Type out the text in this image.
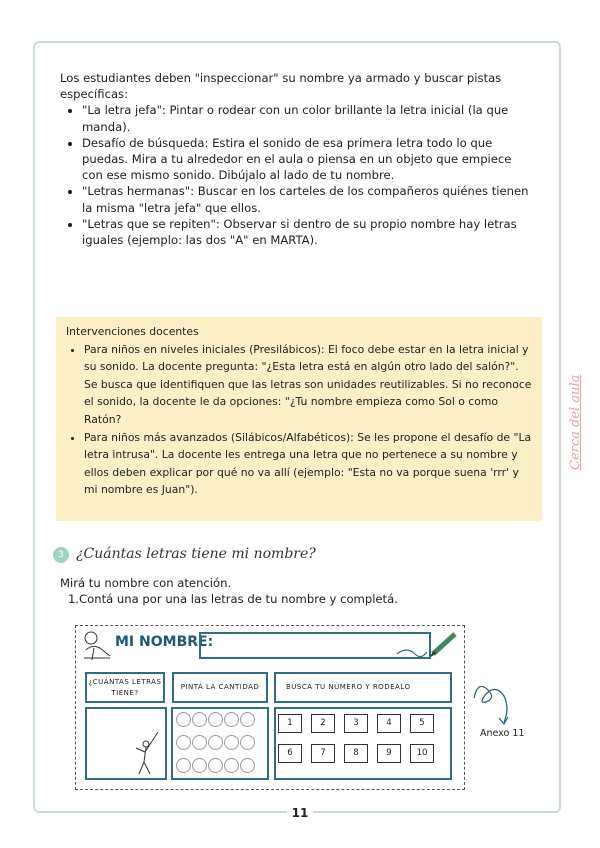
Los estudiantes deben "inspeccionar" su nombre ya armado y buscar pistas específicas:

• "La letra jefa": Pintar o rodear con un color brillante la letra inicial (la que manda).
• Desafío de búsqueda: Estira el sonido de esa primera letra todo lo que puedas. Mira a tu alrededor en el aula o piensa en un objeto que empiece con ese mismo sonido. Dibújalo al lado de tu nombre.
• "Letras hermanas": Buscar en los carteles de los compañeros quiénes tienen la misma "letra jefa" que ellos.
• "Letras que se repiten": Observar si dentro de su propio nombre hay letras iguales (ejemplo: las dos "A" en MARTA).

Intervenciones docentes

• Para niños en niveles iniciales (Presilábicos): El foco debe estar en la letra inicial y su sonido. La docente pregunta: "¿Esta letra está en algún otro lado del salón?". Se busca que identifiquen que las letras son unidades reutilizables. Si no reconoce el sonido, la docente le da opciones: "¿Tu nombre empieza como Sol o como Ratón?
• Para niños más avanzados (Silábicos/Alfabéticos): Se les propone el desafío de "La letra intrusa". La docente les entrega una letra que no pertenece a su nombre y ellos deben explicar por qué no va allí (ejemplo: "Esta no va porque suena 'rrr' y mi nombre es Juan").
Cerca del aula
3 ¿Cuántas letras tiene mi nombre?

Mirá tu nombre con atención.

1.Contá una por una las letras de tu nombre y completá.

MI NOMBRE:
¿CUÁNTAS LETRAS TIENE?
PINTÁ LA CANTIDAD	BUSCA TU NÚMERO Y RODEALO
1	2	3	4	5
6	7	8	9	10
Anexo 11
11
